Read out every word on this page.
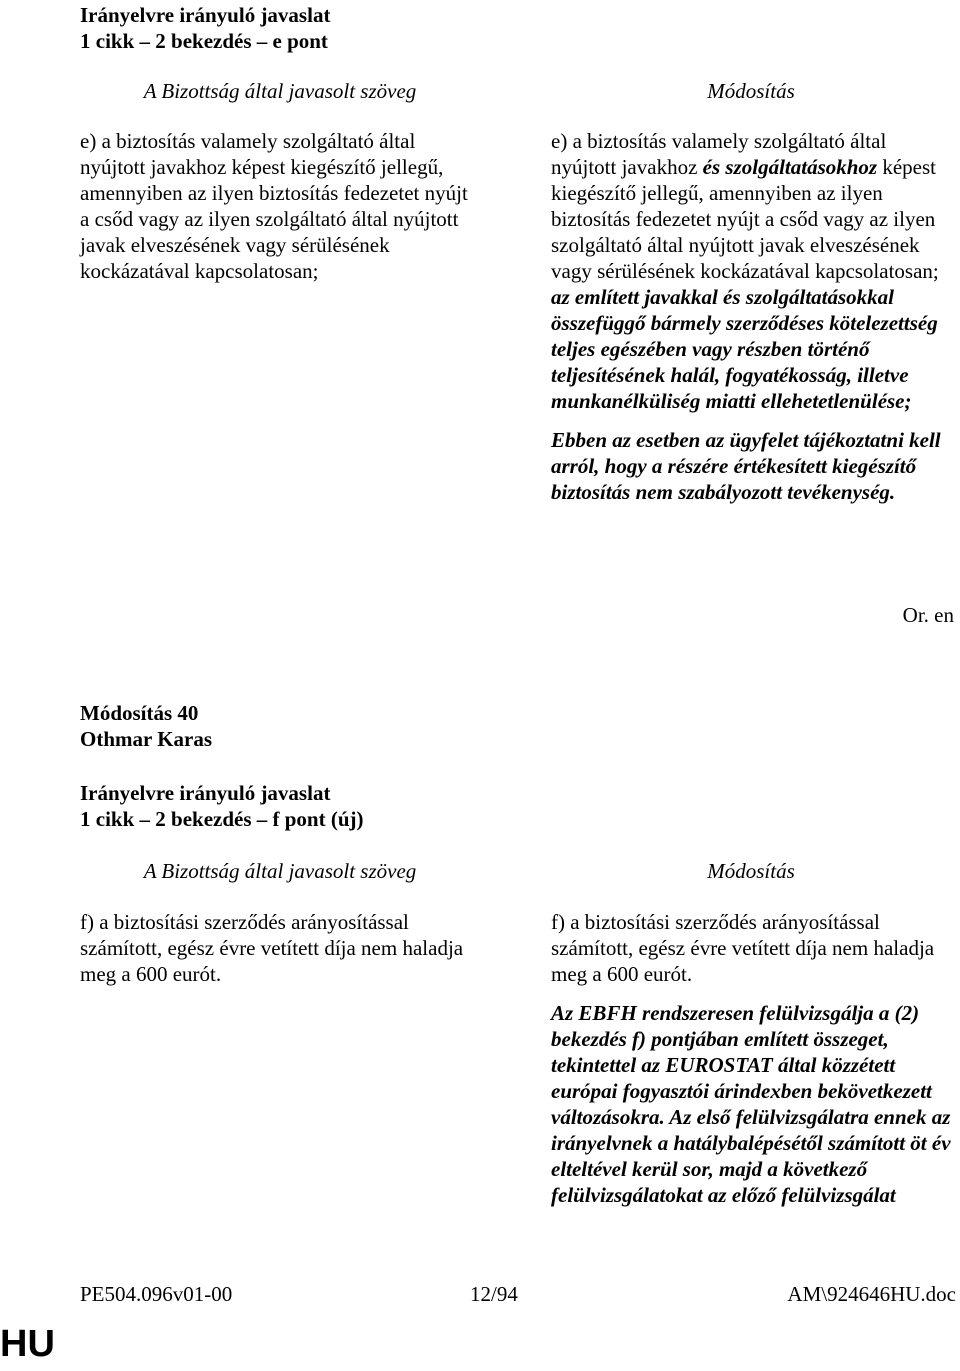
Irányelvre irányuló javaslat
1 cikk – 2 bekezdés – e pont
A Bizottság által javasolt szöveg	Módosítás

e) a biztosítás valamely szolgáltató által nyújtott javakhoz képest kiegészítő jellegű, amennyiben az ilyen biztosítás fedezetet nyújt a csőd vagy az ilyen szolgáltató által nyújtott javak elveszésének vagy sérülésének kockázatával kapcsolatosan;

e) a biztosítás valamely szolgáltató által nyújtott javakhoz és szolgáltatásokhoz képest kiegészítő jellegű, amennyiben az ilyen biztosítás fedezetet nyújt a csőd vagy az ilyen szolgáltató által nyújtott javak elveszésének vagy sérülésének kockázatával kapcsolatosan; az említett javakkal és szolgáltatásokkal összefüggő bármely szerződéses kötelezettség teljes egészében vagy részben történő teljesítésének halál, fogyatékosság, illetve munkanélküliség miatti ellehetetlenülése;

Ebben az esetben az ügyfelet tájékoztatni kell arról, hogy a részére értékesített kiegészítő biztosítás nem szabályozott tevékenység.

Or. en
Módosítás 40
Othmar Karas
Irányelvre irányuló javaslat
1 cikk – 2 bekezdés – f pont (új)
A Bizottság által javasolt szöveg	Módosítás

f) a biztosítási szerződés arányosítással számított, egész évre vetített díja nem haladja meg a 600 eurót.

f) a biztosítási szerződés arányosítással számított, egész évre vetített díja nem haladja meg a 600 eurót.

Az EBFH rendszeresen felülvizsgálja a (2) bekezdés f) pontjában említett összeget, tekintettel az EUROSTAT által közzétett európai fogyasztói árindexben bekövetkezett változásokra. Az első felülvizsgálatra ennek az irányelvnek a hatálybalépésétől számított öt év elteltével kerül sor, majd a következő felülvizsgálatokat az előző felülvizsgálat

PE504.096v01-00	12/94	AM\924646HU.doc
HU
